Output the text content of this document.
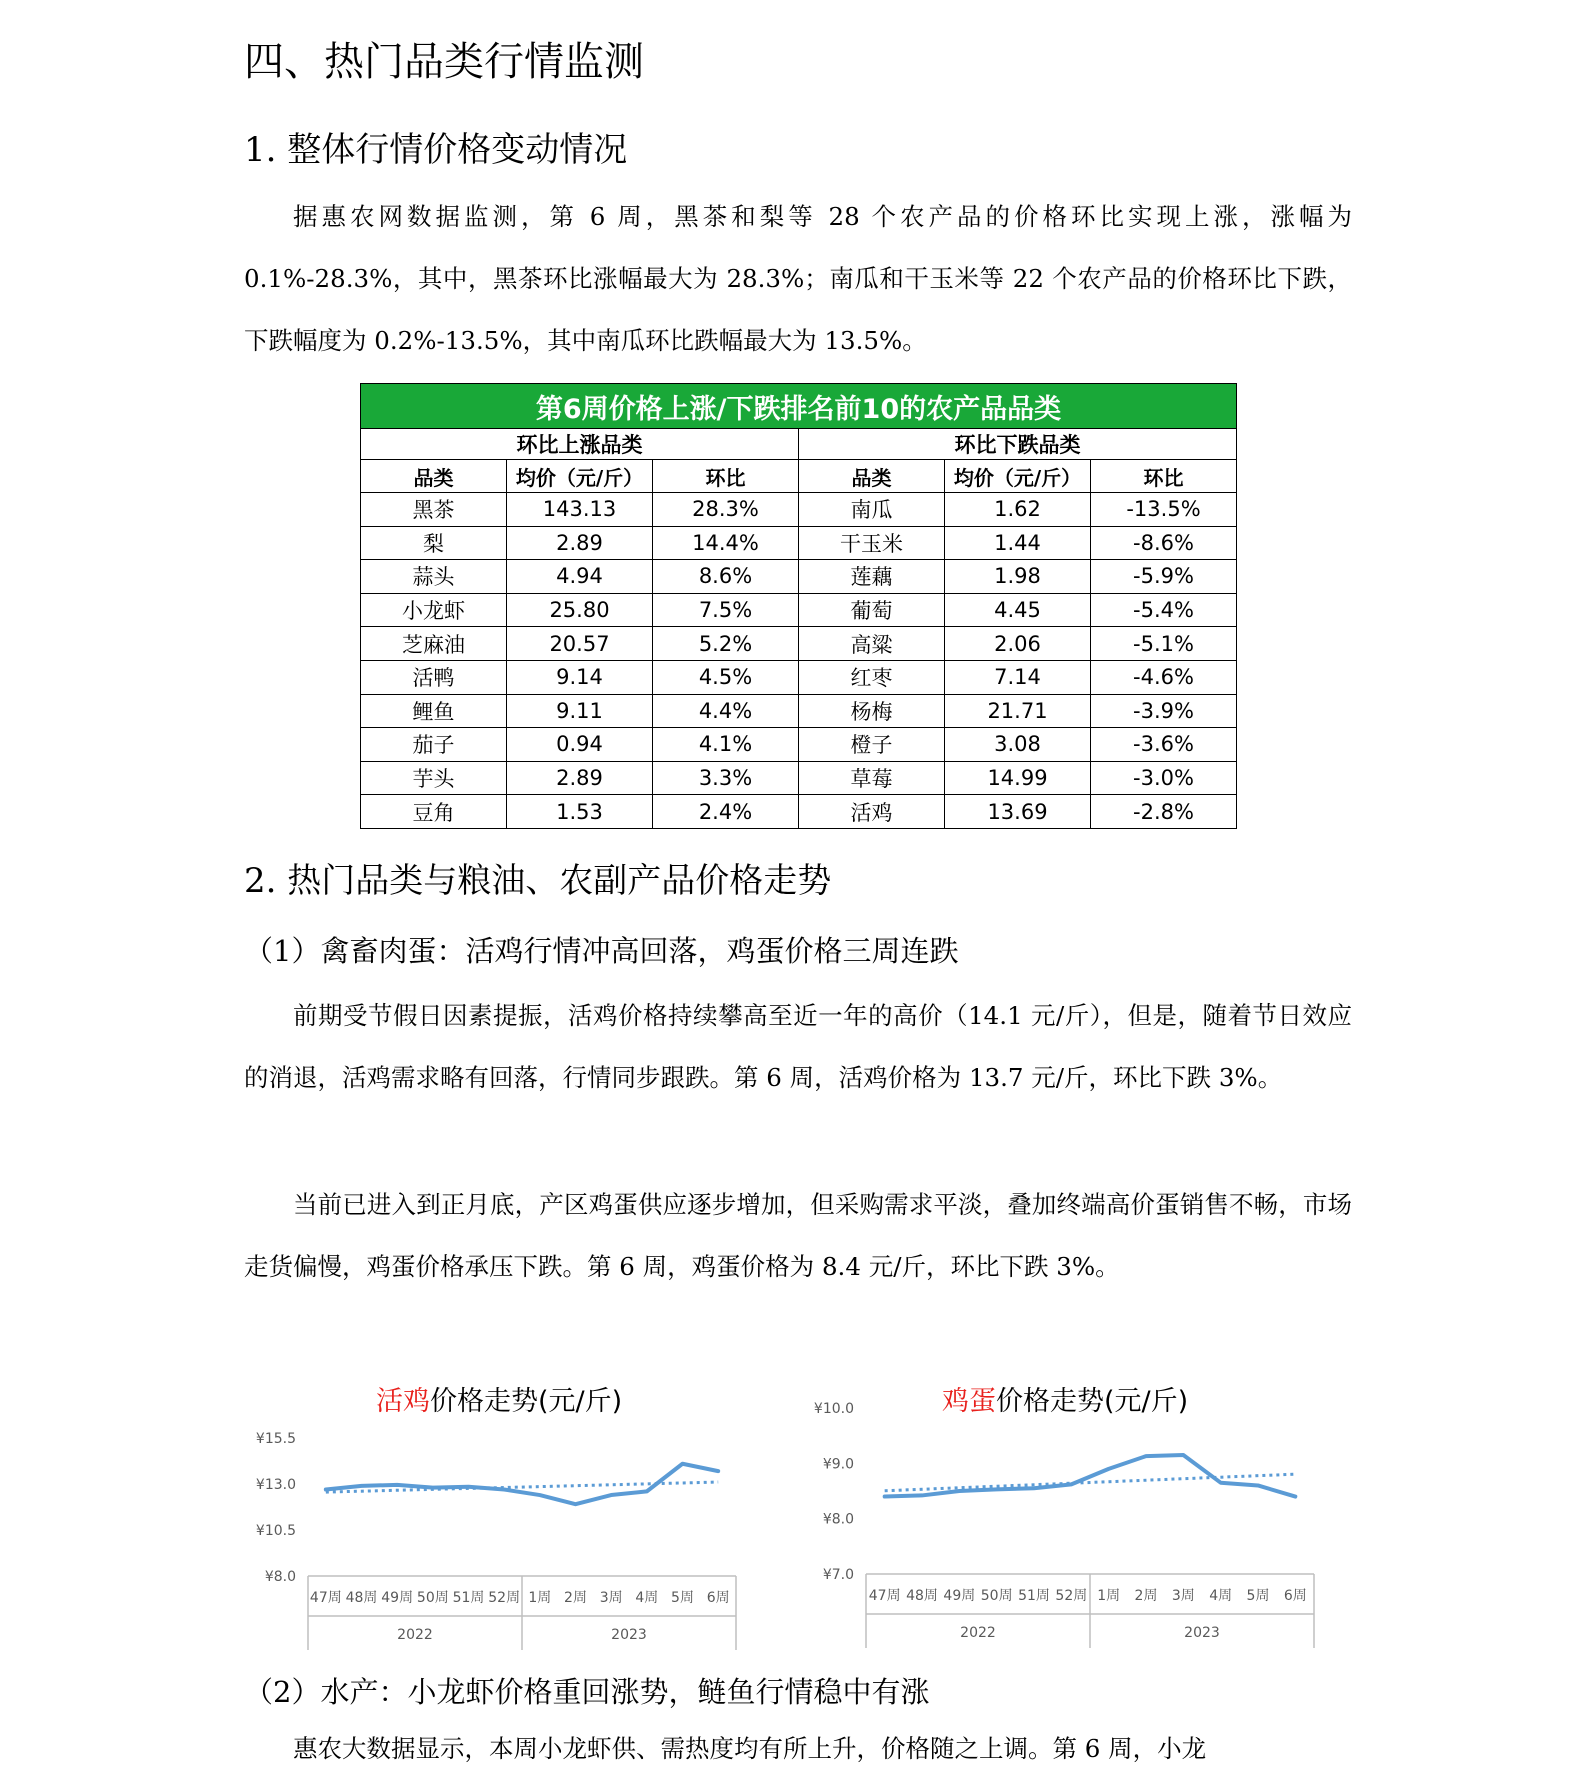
四、热门品类行情监测
1. 整体行情价格变动情况

据惠农网数据监测，第 6 周，黑茶和梨等 28 个农产品的价格环比实现上涨，涨幅为 0.1%-28.3%，其中，黑茶环比涨幅最大为 28.3%；南瓜和干玉米等 22 个农产品的价格环比下跌，下跌幅度为 0.2%-13.5%，其中南瓜环比跌幅最大为 13.5%。

第6周价格上涨/下跌排名前10的农产品品类					
环比上涨品类			环比下跌品类		
品类	均价（元/斤）	环比	品类	均价（元/斤）	环比
黑茶	143.13	28.3%	南瓜	1.62	-13.5%
梨	2.89	14.4%	干玉米	1.44	-8.6%
蒜头	4.94	8.6%	莲藕	1.98	-5.9%
小龙虾	25.80	7.5%	葡萄	4.45	-5.4%
芝麻油	20.57	5.2%	高粱	2.06	-5.1%
活鸭	9.14	4.5%	红枣	7.14	-4.6%
鲤鱼	9.11	4.4%	杨梅	21.71	-3.9%
茄子	0.94	4.1%	橙子	3.08	-3.6%
芋头	2.89	3.3%	草莓	14.99	-3.0%
豆角	1.53	2.4%	活鸡	13.69	-2.8%
2. 热门品类与粮油、农副产品价格走势
（1）禽畜肉蛋：活鸡行情冲高回落，鸡蛋价格三周连跌

前期受节假日因素提振，活鸡价格持续攀高至近一年的高价（14.1 元/斤），但是，随着节日效应的消退，活鸡需求略有回落，行情同步跟跌。第 6 周，活鸡价格为 13.7 元/斤，环比下跌 3%。

当前已进入到正月底，产区鸡蛋供应逐步增加，但采购需求平淡，叠加终端高价蛋销售不畅，市场走货偏慢，鸡蛋价格承压下跌。第 6 周，鸡蛋价格为 8.4 元/斤，环比下跌 3%。

活鸡价格走势(元/斤)
¥15.5
¥13.0
¥10.5
¥8.0
47周 48周 49周 50周 51周 52周 1周 2周 3周 4周 5周 6周
2022	2023
鸡蛋价格走势(元/斤)
¥10.0
¥9.0
¥8.0
¥7.0
47周 48周 49周 50周 51周 52周 1周 2周 3周 4周 5周 6周
2022	2023
（2）水产：小龙虾价格重回涨势，鲢鱼行情稳中有涨

惠农大数据显示，本周小龙虾供、需热度均有所上升，价格随之上调。第 6 周，小龙
